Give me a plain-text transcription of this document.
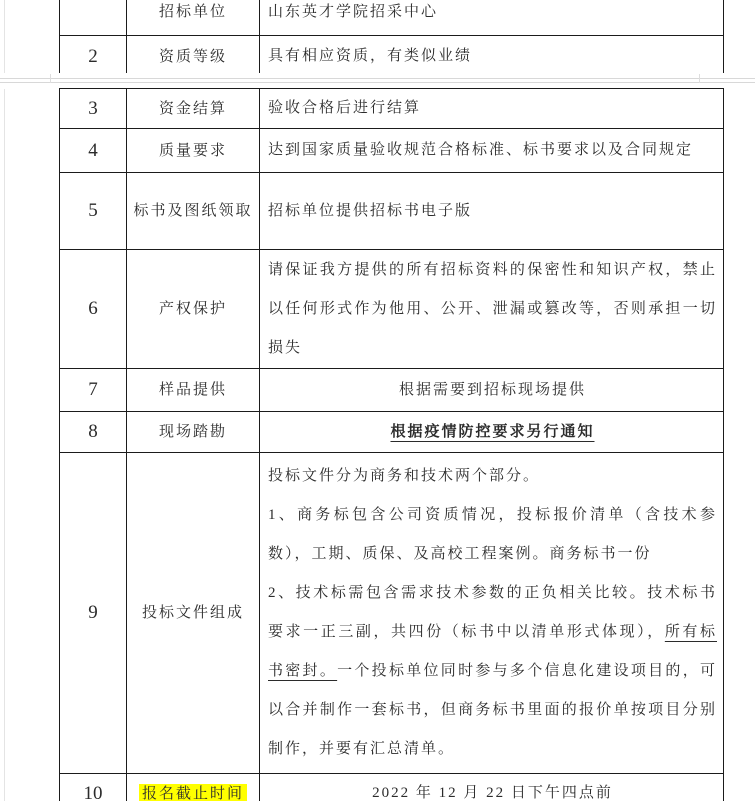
	招标单位	山东英才学院招采中心

2	资质等级	具有相应资质，有类似业绩
3	资金结算	验收合格后进行结算

4	质量要求	达到国家质量验收规范合格标准、标书要求以及合同规定

5	标书及图纸领取	招标单位提供招标书电子版

6	产权保护	请保证我方提供的所有招标资料的保密性和知识产权，禁止以任何形式作为他用、公开、泄漏或篡改等，否则承担一切损失

7	样品提供	根据需要到招标现场提供

8	现场踏勘	根据疫情防控要求另行通知

9	投标文件组成	投标文件分为商务和技术两个部分。
1、商务标包含公司资质情况，投标报价清单（含技术参数），工期、质保、及高校工程案例。商务标书一份
2、技术标需包含需求技术参数的正负相关比较。技术标书要求一正三副，共四份（标书中以清单形式体现），所有标书密封。一个投标单位同时参与多个信息化建设项目的，可以合并制作一套标书，但商务标书里面的报价单按项目分别制作，并要有汇总清单。

10	报名截止时间	2022 年 12 月 22 日下午四点前
